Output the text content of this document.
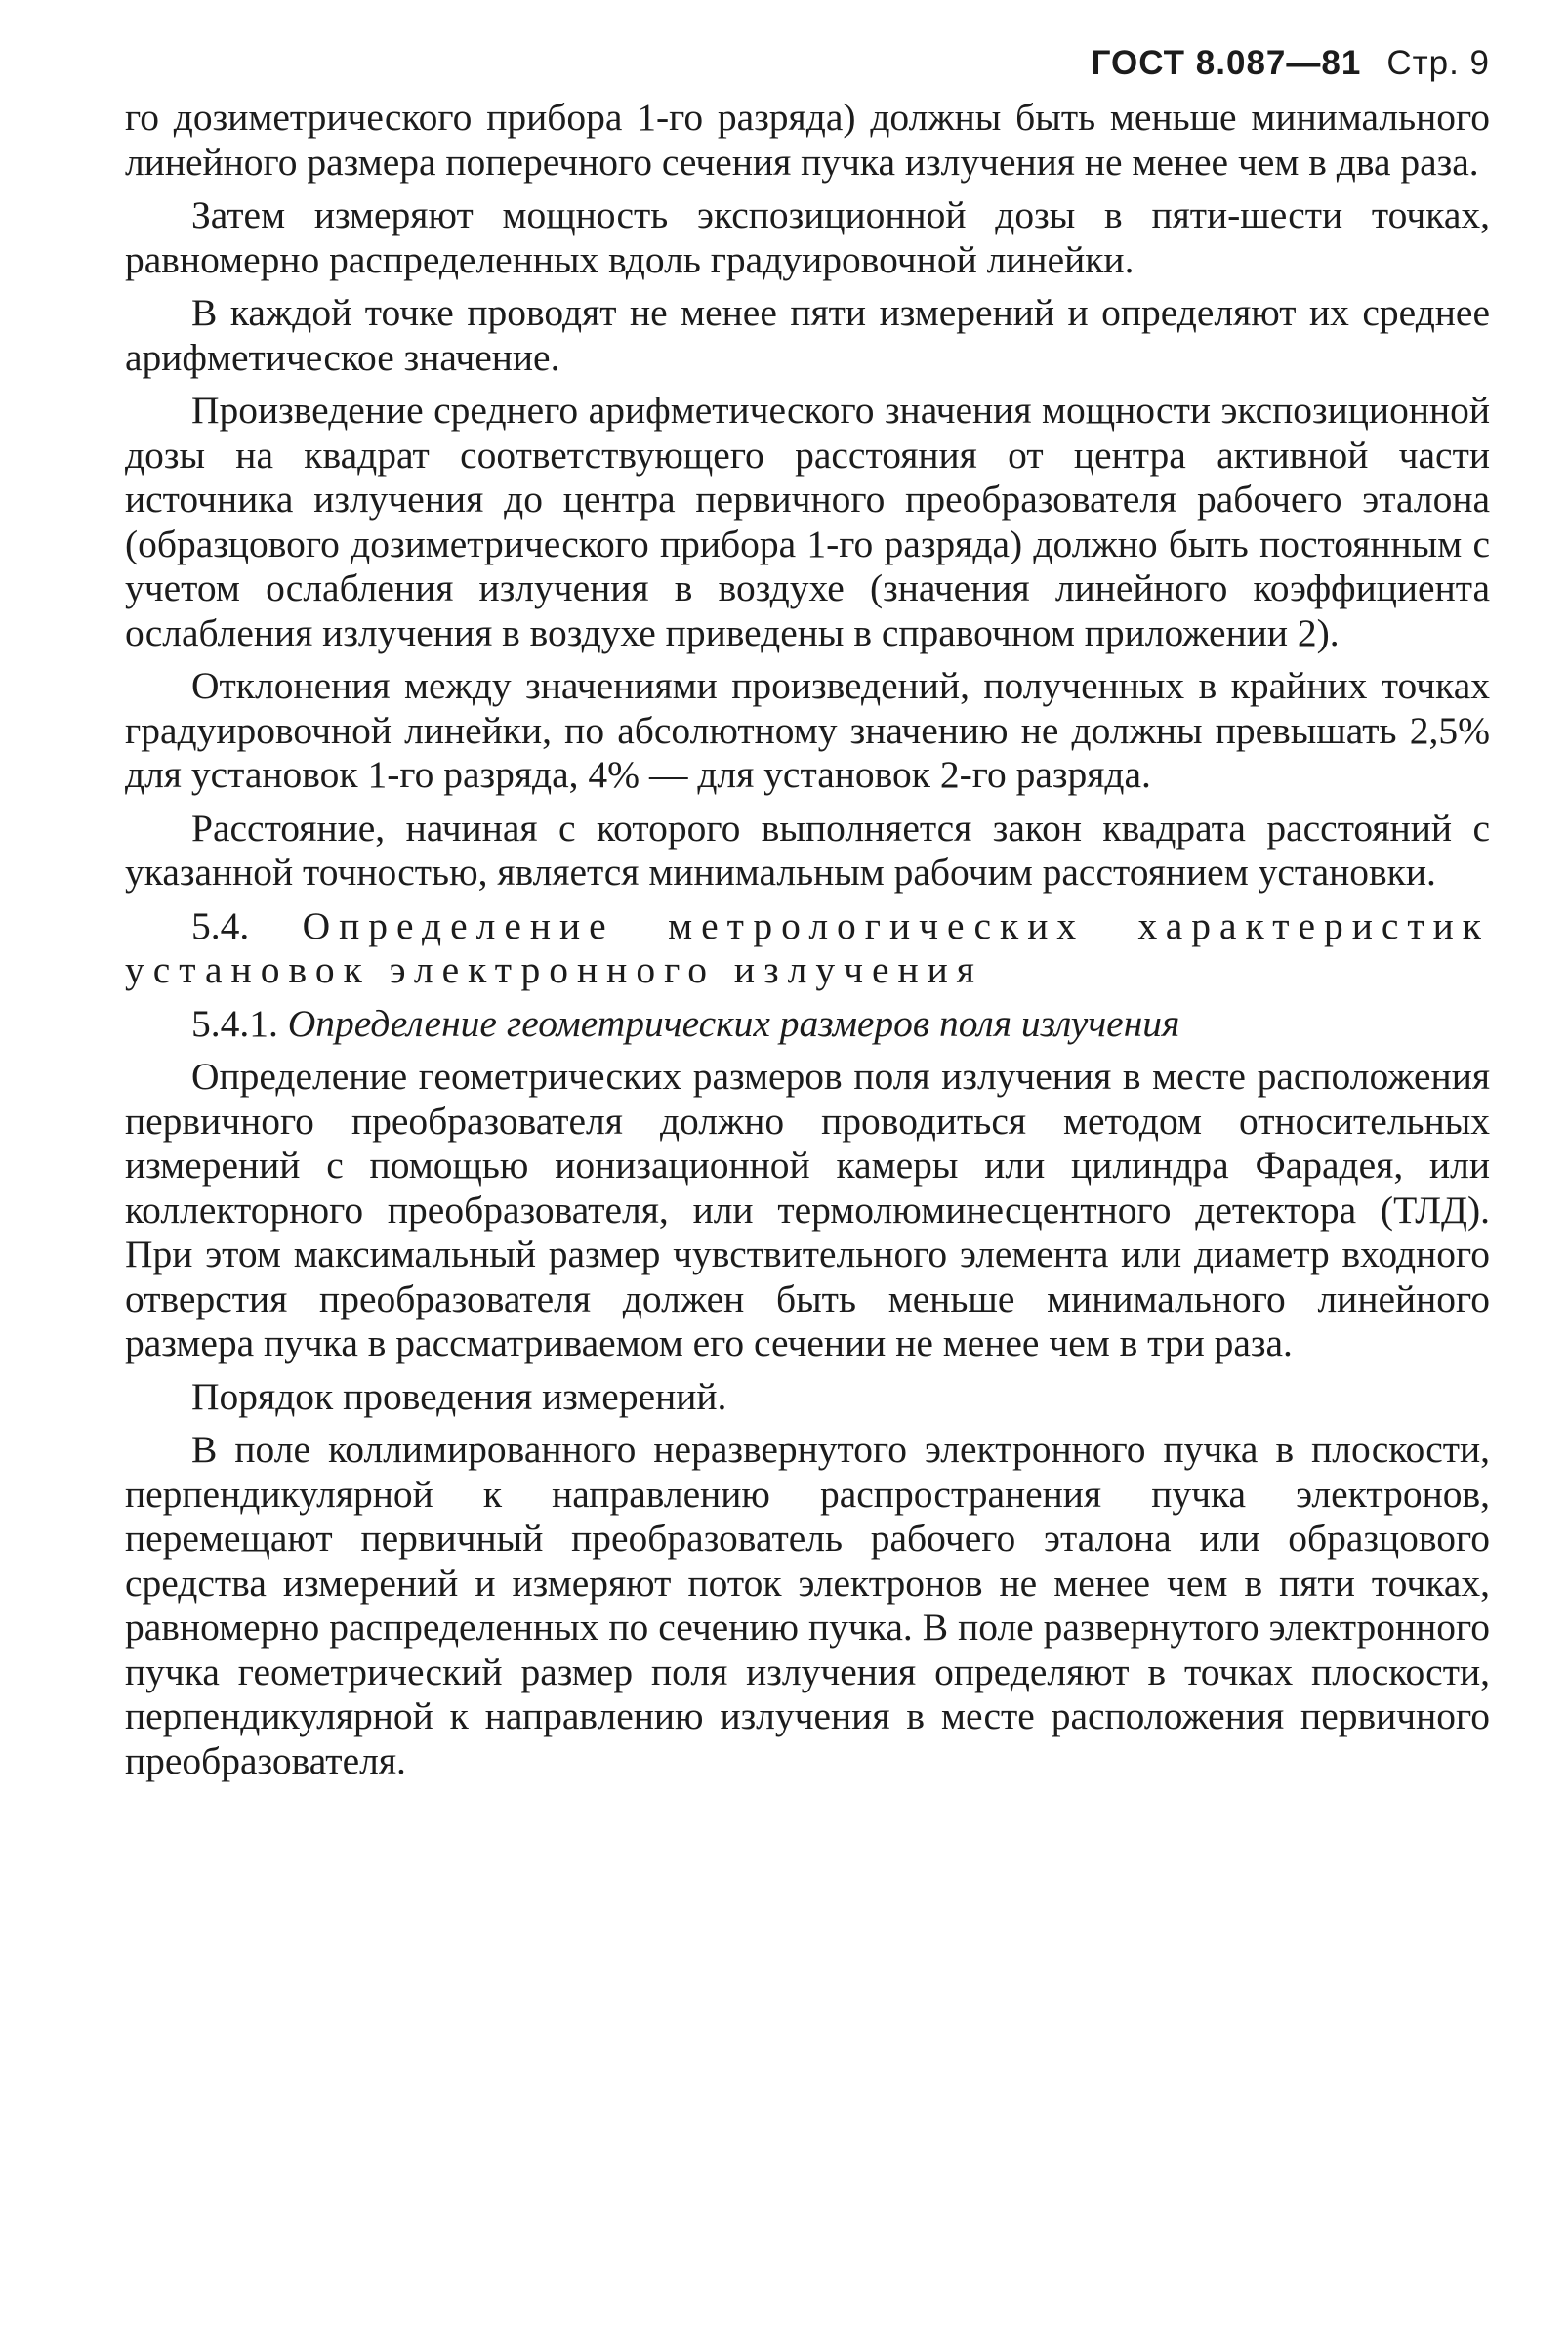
ГОСТ 8.087—81 Стр. 9

го дозиметрического прибора 1-го разряда) должны быть меньше минимального линейного размера поперечного сечения пучка излучения не менее чем в два раза.

Затем измеряют мощность экспозиционной дозы в пяти-шести точках, равномерно распределенных вдоль градуировочной линейки.

В каждой точке проводят не менее пяти измерений и определяют их среднее арифметическое значение.

Произведение среднего арифметического значения мощности экспозиционной дозы на квадрат соответствующего расстояния от центра активной части источника излучения до центра первичного преобразователя рабочего эталона (образцового дозиметрического прибора 1-го разряда) должно быть постоянным с учетом ослабления излучения в воздухе (значения линейного коэффициента ослабления излучения в воздухе приведены в справочном приложении 2).

Отклонения между значениями произведений, полученных в крайних точках градуировочной линейки, по абсолютному значению не должны превышать 2,5% для установок 1-го разряда, 4% — для установок 2-го разряда.

Расстояние, начиная с которого выполняется закон квадрата расстояний с указанной точностью, является минимальным рабочим расстоянием установки.

5.4. Определение метрологических характеристик установок электронного излучения
5.4.1. Определение геометрических размеров поля излучения

Определение геометрических размеров поля излучения в месте расположения первичного преобразователя должно проводиться методом относительных измерений с помощью ионизационной камеры или цилиндра Фарадея, или коллекторного преобразователя, или термолюминесцентного детектора (ТЛД). При этом максимальный размер чувствительного элемента или диаметр входного отверстия преобразователя должен быть меньше минимального линейного размера пучка в рассматриваемом его сечении не менее чем в три раза.

Порядок проведения измерений.

В поле коллимированного неразвернутого электронного пучка в плоскости, перпендикулярной к направлению распространения пучка электронов, перемещают первичный преобразователь рабочего эталона или образцового средства измерений и измеряют поток электронов не менее чем в пяти точках, равномерно распределенных по сечению пучка. В поле развернутого электронного пучка геометрический размер поля излучения определяют в точках плоскости, перпендикулярной к направлению излучения в месте расположения первичного преобразователя.
